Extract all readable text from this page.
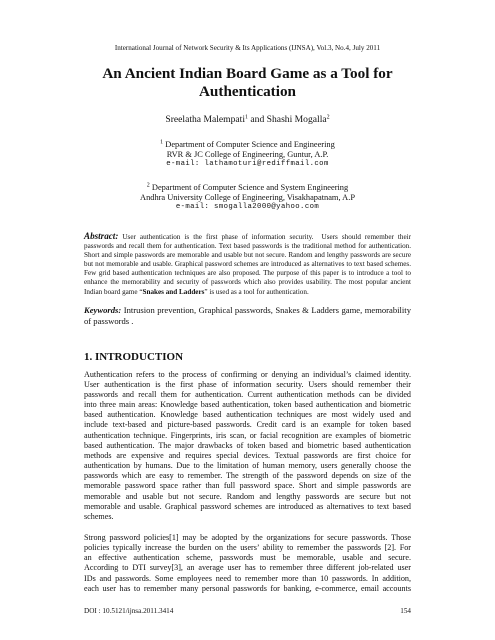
International Journal of Network Security & Its Applications (IJNSA), Vol.3, No.4, July 2011
An Ancient Indian Board Game as a Tool for
Authentication
Sreelatha Malempati$^1$ and Shashi Mogalla$^2$
$^1$ Department of Computer Science and Engineering
RVR & JC College of Engineering, Guntur, A.P.
e-mail: lathamoturi@rediffmail.com
$^2$ Department of Computer Science and System Engineering
Andhra University College of Engineering, Visakhapatnam, A.P
e-mail: smogalla2000@yahoo.com
Abstract: User authentication is the first phase of information security.  Users should remember their
passwords and recall them for authentication. Text based passwords is the traditional method for authentication. Short and simple passwords are memorable and usable but not secure. Random and lengthy passwords are secure but not memorable and usable. Graphical password schemes are introduced as alternatives to text based schemes. Few grid based authentication techniques are also proposed. The purpose of this paper is to introduce a tool to enhance the memorability and security of passwords which also provides usability. The most popular ancient Indian board game “Snakes and Ladders” is used as a tool for authentication.
Keywords: Intrusion prevention, Graphical passwords, Snakes & Ladders game, memorability of passwords .
1. INTRODUCTION
Authentication refers to the process of confirming or denying an individual’s claimed identity.
User authentication is the first phase of information security. Users should remember their
passwords and recall them for authentication. Current authentication methods can be divided
into three main areas: Knowledge based authentication, token based authentication and biometric
based authentication. Knowledge based authentication techniques are most widely used and
include text-based and picture-based passwords. Credit card is an example for token based
authentication technique. Fingerprints, iris scan, or facial recognition are examples of biometric
based authentication. The major drawbacks of token based and biometric based authentication
methods are expensive and requires special devices. Textual passwords are first choice for
authentication by humans. Due to the limitation of human memory, users generally choose the
passwords which are easy to remember. The strength of the password depends on size of the
memorable password space rather than full password space. Short and simple passwords are
memorable and usable but not secure. Random and lengthy passwords are secure but not
memorable and usable. Graphical password schemes are introduced as alternatives to text based
schemes.
Strong password policies[1] may be adopted by the organizations for secure passwords. Those
policies typically increase the burden on the users’ ability to remember the passwords [2]. For
an effective authentication scheme, passwords must be memorable, usable and secure.
According to DTI survey[3], an average user has to remember three different job-related user
IDs and passwords. Some employees need to remember more than 10 passwords. In addition,
each user has to remember many personal passwords for banking, e-commerce, email accounts
DOI : 10.5121/ijnsa.2011.3414	154
